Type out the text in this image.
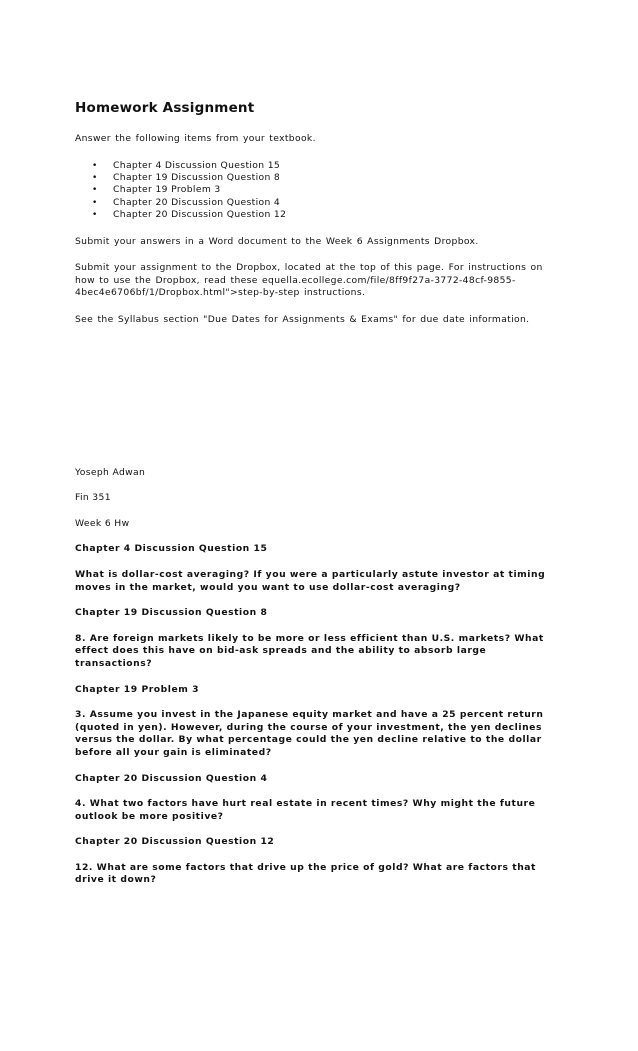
Homework Assignment

Answer the following items from your textbook.

• Chapter 4 Discussion Question 15
• Chapter 19 Discussion Question 8
• Chapter 19 Problem 3
• Chapter 20 Discussion Question 4
• Chapter 20 Discussion Question 12

Submit your answers in a Word document to the Week 6 Assignments Dropbox.

Submit your assignment to the Dropbox, located at the top of this page. For instructions on how to use the Dropbox, read these equella.ecollege.com/file/8ff9f27a-3772-48cf-9855-4bec4e6706bf/1/Dropbox.html">step-by-step instructions.

See the Syllabus section "Due Dates for Assignments & Exams" for due date information.

Yoseph Adwan

Fin 351

Week 6 Hw

Chapter 4 Discussion Question 15

What is dollar-cost averaging? If you were a particularly astute investor at timing moves in the market, would you want to use dollar-cost averaging?

Chapter 19 Discussion Question 8

8. Are foreign markets likely to be more or less efficient than U.S. markets? What effect does this have on bid-ask spreads and the ability to absorb large transactions?

Chapter 19 Problem 3

3. Assume you invest in the Japanese equity market and have a 25 percent return (quoted in yen). However, during the course of your investment, the yen declines versus the dollar. By what percentage could the yen decline relative to the dollar before all your gain is eliminated?

Chapter 20 Discussion Question 4

4. What two factors have hurt real estate in recent times? Why might the future outlook be more positive?

Chapter 20 Discussion Question 12

12. What are some factors that drive up the price of gold? What are factors that drive it down?
